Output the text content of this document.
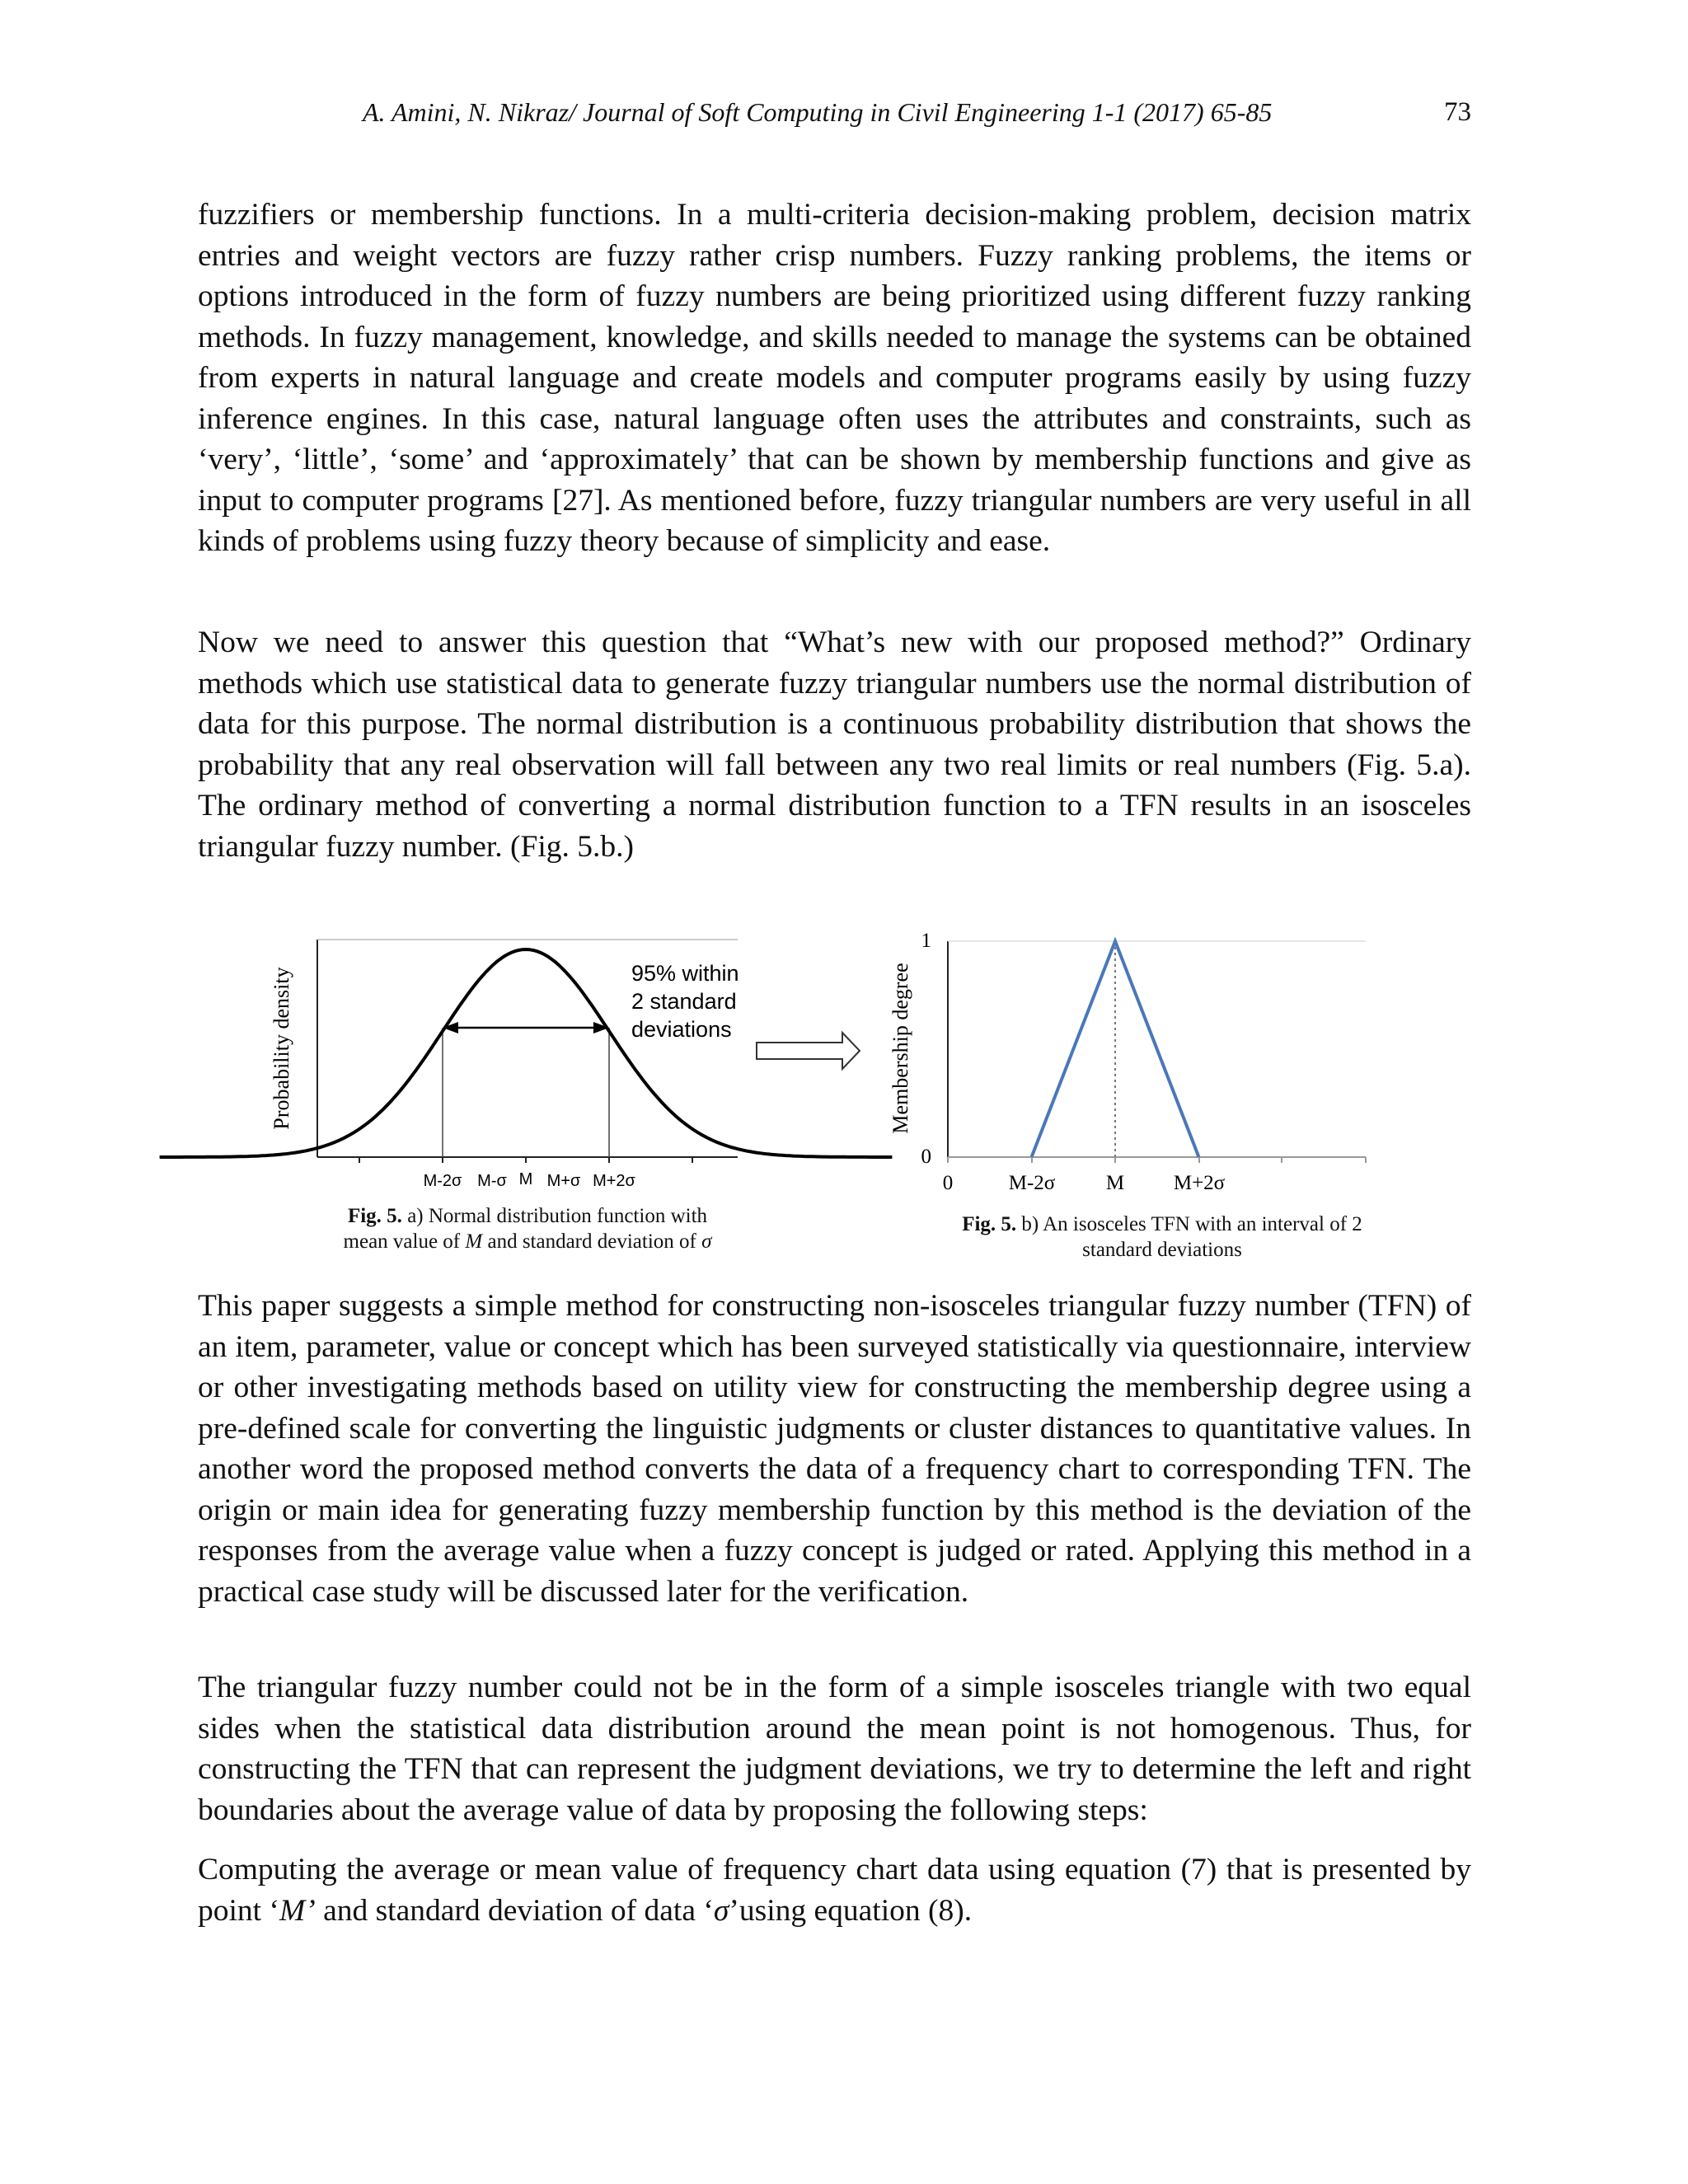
A. Amini, N. Nikraz/ Journal of Soft Computing in Civil Engineering 1-1 (2017) 65-85	73

fuzzifiers or membership functions. In a multi-criteria decision-making problem, decision matrix entries and weight vectors are fuzzy rather crisp numbers. Fuzzy ranking problems, the items or options introduced in the form of fuzzy numbers are being prioritized using different fuzzy ranking methods. In fuzzy management, knowledge, and skills needed to manage the systems can be obtained from experts in natural language and create models and computer programs easily by using fuzzy inference engines. In this case, natural language often uses the attributes and constraints, such as ‘very’, ‘little’, ‘some’ and ‘approximately’ that can be shown by membership functions and give as input to computer programs [27]. As mentioned before, fuzzy triangular numbers are very useful in all kinds of problems using fuzzy theory because of simplicity and ease.

Now we need to answer this question that “What’s new with our proposed method?” Ordinary methods which use statistical data to generate fuzzy triangular numbers use the normal distribution of data for this purpose. The normal distribution is a continuous probability distribution that shows the probability that any real observation will fall between any two real limits or real numbers (Fig. 5.a). The ordinary method of converting a normal distribution function to a TFN results in an isosceles triangular fuzzy number. (Fig. 5.b.)

Probability density	95% within
2 standard
deviations
M-2σ M-σ M M+σ M+2σ
Membership degree
1
0
0	M-2σ M M+2σ
Fig. 5. a) Normal distribution function with
mean value of M and standard deviation of σ
Fig. 5. b) An isosceles TFN with an interval of 2
standard deviations

This paper suggests a simple method for constructing non-isosceles triangular fuzzy number (TFN) of an item, parameter, value or concept which has been surveyed statistically via questionnaire, interview or other investigating methods based on utility view for constructing the membership degree using a pre-defined scale for converting the linguistic judgments or cluster distances to quantitative values. In another word the proposed method converts the data of a frequency chart to corresponding TFN. The origin or main idea for generating fuzzy membership function by this method is the deviation of the responses from the average value when a fuzzy concept is judged or rated. Applying this method in a practical case study will be discussed later for the verification.

The triangular fuzzy number could not be in the form of a simple isosceles triangle with two equal sides when the statistical data distribution around the mean point is not homogenous. Thus, for constructing the TFN that can represent the judgment deviations, we try to determine the left and right boundaries about the average value of data by proposing the following steps:

Computing the average or mean value of frequency chart data using equation (7) that is presented by point ‘M’ and standard deviation of data ‘σ’using equation (8).
